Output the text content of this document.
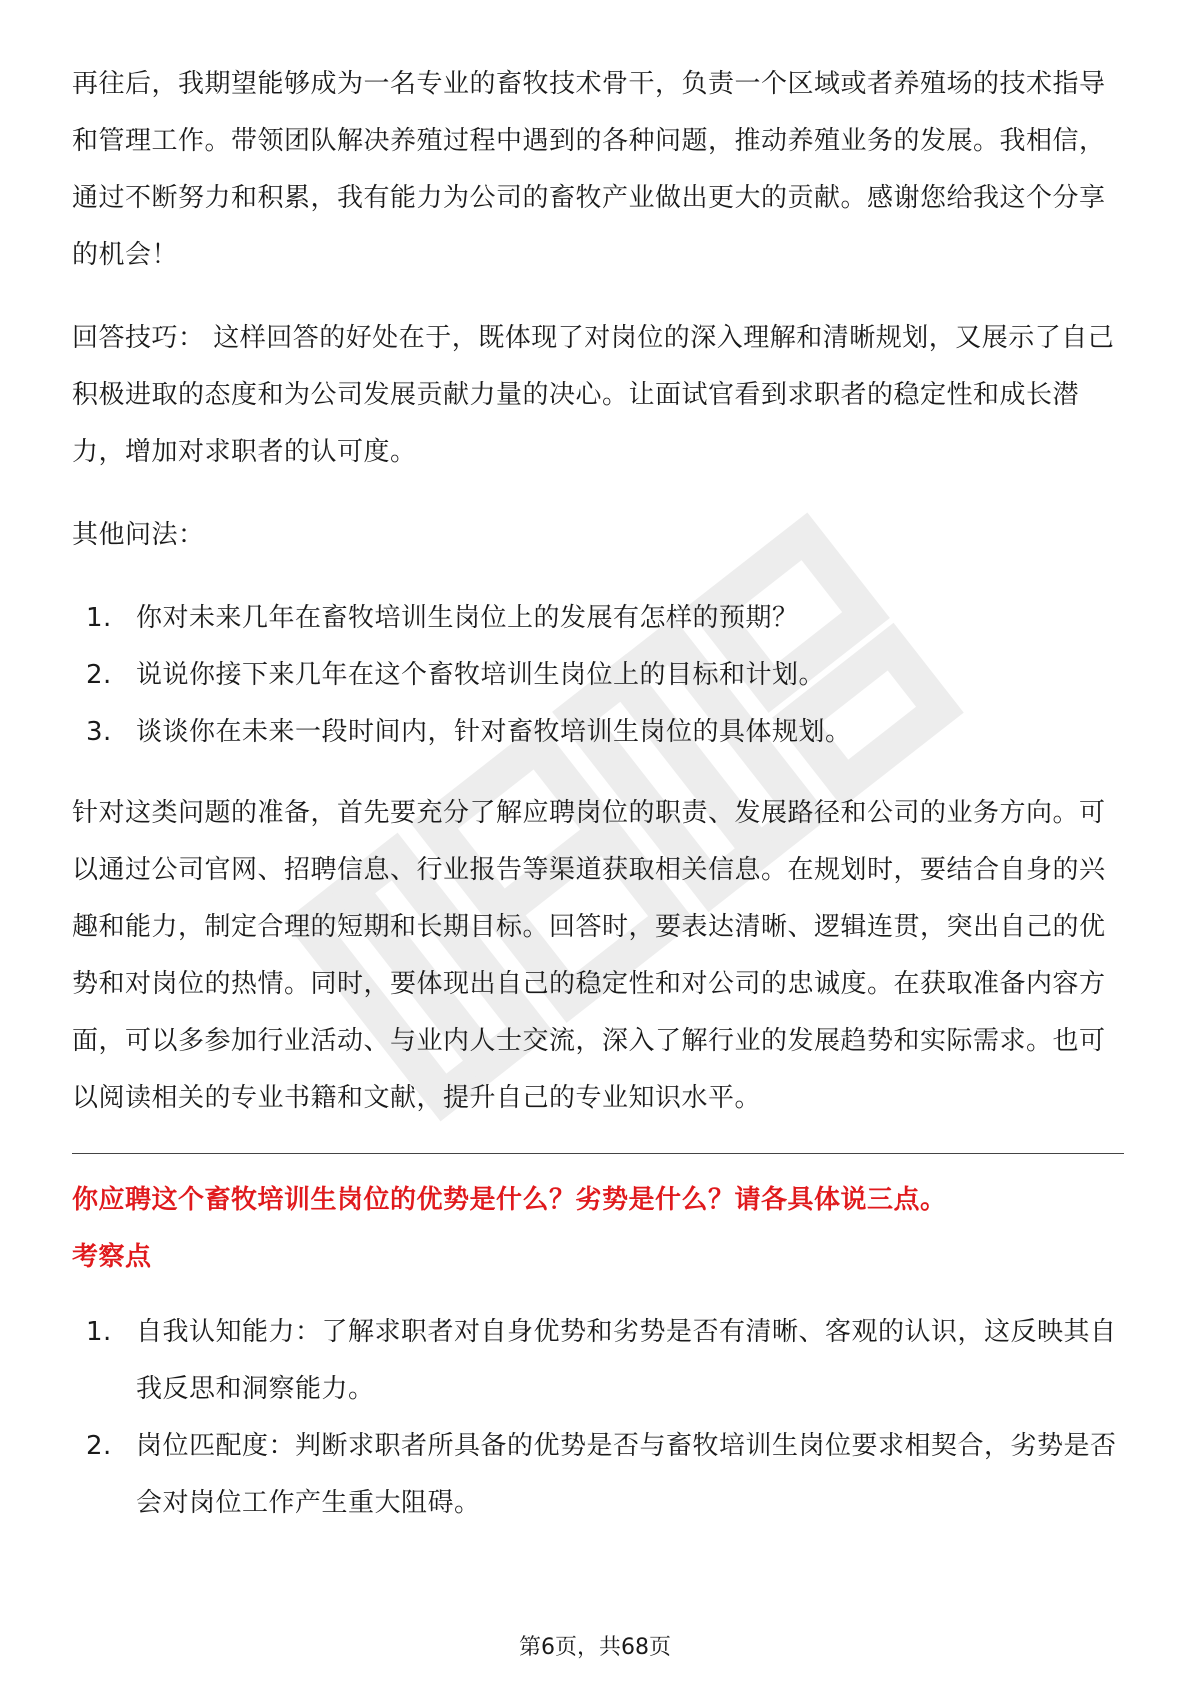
再往后，我期望能够成为一名专业的畜牧技术骨干，负责一个区域或者养殖场的技术指导和管理工作。带领团队解决养殖过程中遇到的各种问题，推动养殖业务的发展。我相信，通过不断努力和积累，我有能力为公司的畜牧产业做出更大的贡献。感谢您给我这个分享的机会！

回答技巧： 这样回答的好处在于，既体现了对岗位的深入理解和清晰规划，又展示了自己积极进取的态度和为公司发展贡献力量的决心。让面试官看到求职者的稳定性和成长潜力，增加对求职者的认可度。

其他问法：

1. 你对未来几年在畜牧培训生岗位上的发展有怎样的预期？
2. 说说你接下来几年在这个畜牧培训生岗位上的目标和计划。
3. 谈谈你在未来一段时间内，针对畜牧培训生岗位的具体规划。

针对这类问题的准备，首先要充分了解应聘岗位的职责、发展路径和公司的业务方向。可以通过公司官网、招聘信息、行业报告等渠道获取相关信息。在规划时，要结合自身的兴趣和能力，制定合理的短期和长期目标。回答时，要表达清晰、逻辑连贯，突出自己的优势和对岗位的热情。同时，要体现出自己的稳定性和对公司的忠诚度。在获取准备内容方面，可以多参加行业活动、与业内人士交流，深入了解行业的发展趋势和实际需求。也可以阅读相关的专业书籍和文献，提升自己的专业知识水平。

你应聘这个畜牧培训生岗位的优势是什么？劣势是什么？请各具体说三点。

考察点

1. 自我认知能力：了解求职者对自身优势和劣势是否有清晰、客观的认识，这反映其自我反思和洞察能力。
2. 岗位匹配度：判断求职者所具备的优势是否与畜牧培训生岗位要求相契合，劣势是否会对岗位工作产生重大阻碍。
第6页，共68页
